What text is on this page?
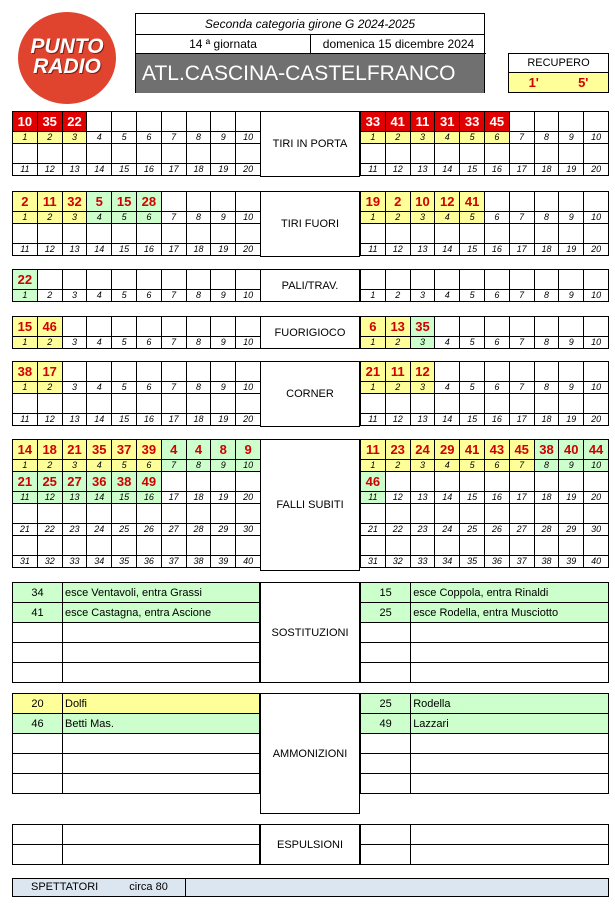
PUNTO
RADIO
Seconda categoria girone G 2024-2025
14 ª giornata	domenica 15 dicembre 2024
ATL.CASCINA-CASTELFRANCO	RECUPERO
1'	5'
10	35	22							
1	2	3	4	5	6	7	8	9	10

11	12	13	14	15	16	17	18	19	20
33	41	11	31	33	45				
1	2	3	4	5	6	7	8	9	10

11	12	13	14	15	16	17	18	19	20
TIRI IN PORTA
2	11	32	5	15	28				
1	2	3	4	5	6	7	8	9	10

11	12	13	14	15	16	17	18	19	20
19	2	10	12	41					
1	2	3	4	5	6	7	8	9	10

11	12	13	14	15	16	17	18	19	20
TIRI FUORI
22									
1	2	3	4	5	6	7	8	9	10
										1	2	3	4	5	6	7	8	9	10
PALI/TRAV.
15	46								
1	2	3	4	5	6	7	8	9	10
6	13	35							
1	2	3	4	5	6	7	8	9	10
FUORIGIOCO
38	17								
1	2	3	4	5	6	7	8	9	10

11	12	13	14	15	16	17	18	19	20
21	11	12							
1	2	3	4	5	6	7	8	9	10

11	12	13	14	15	16	17	18	19	20
CORNER
14	18	21	35	37	39	4	4	8	9
1	2	3	4	5	6	7	8	9	10
21	25	27	36	38	49				
11	12	13	14	15	16	17	18	19	20

21	22	23	24	25	26	27	28	29	30

31	32	33	34	35	36	37	38	39	40
11	23	24	29	41	43	45	38	40	44
1	2	3	4	5	6	7	8	9	10
46									
11	12	13	14	15	16	17	18	19	20

21	22	23	24	25	26	27	28	29	30

31	32	33	34	35	36	37	38	39	40
FALLI SUBITI
34	esce Ventavoli, entra Grassi
41	esce Castagna, entra Ascione

SOSTITUZIONI
15	esce Coppola, entra Rinaldi
25	esce Rodella, entra Musciotto

20	Dolfi
46	Betti Mas.

AMMONIZIONI
25	Rodella
49	Lazzari

ESPULSIONI

SPETTATORI	circa 80
